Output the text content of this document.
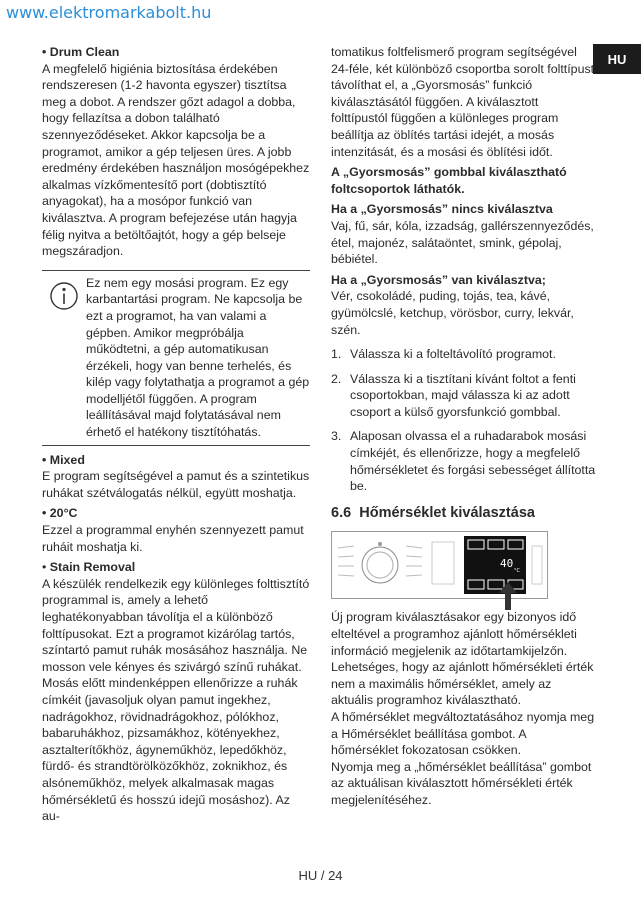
www.elektromarkabolt.hu
HU

• Drum Clean

A megfelelő higiénia biztosítása érdekében rendszeresen (1-2 havonta egyszer) tisztítsa meg a dobot. A rendszer gőzt adagol a dobba, hogy fellazítsa a dobon található szennyeződéseket. Akkor kapcsolja be a programot, amikor a gép teljesen üres. A jobb eredmény érdekében használjon mosógépekhez alkalmas vízkőmentesítő port (dobtisztító anyagokat), ha a mosópor funkció van kiválasztva. A program befejezése után hagyja félig nyitva a betöltőajtót, hogy a gép belseje megszáradjon.

Ez nem egy mosási program. Ez egy karbantartási program. Ne kapcsolja be ezt a programot, ha van valami a gépben. Amikor megpróbálja működtetni, a gép automatikusan érzékeli, hogy van benne terhelés, és kilép vagy folytathatja a programot a gép modelljétől függően. A program leállításával majd folytatásával nem érhető el hatékony tisztítóhatás.

• Mixed

E program segítségével a pamut és a szintetikus ruhákat szétválogatás nélkül, együtt moshatja.

• 20°C

Ezzel a programmal enyhén szennyezett pamut ruháit moshatja ki.

• Stain Removal

A készülék rendelkezik egy különleges folttisztító programmal is, amely a lehető leghatékonyabban távolítja el a különböző folttípusokat. Ezt a programot kizárólag tartós, színtartó pamut ruhák mosásához használja. Ne mosson vele kényes és szivárgó színű ruhákat. Mosás előtt mindenképpen ellenőrizze a ruhák címkéit (javasoljuk olyan pamut ingekhez, nadrágokhoz, rövidnadrágokhoz, pólókhoz, babaruhákhoz, pizsamákhoz, kötényekhez, asztalterítőkhöz, ágyneműkhöz, lepedőkhöz, fürdő- és strandtörölközőkhöz, zoknikhoz, és alsóneműkhöz, melyek alkalmasak magas hőmérsékletű és hosszú idejű mosáshoz). Az au-

tomatikus foltfelismerő program segítségével 24-féle, két különböző csoportba sorolt folttípust távolíthat el, a „Gyorsmosás” funkció kiválasztásától függően. A kiválasztott folttípustól függően a különleges program beállítja az öblítés tartási idejét, a mosás intenzitását, és a mosási és öblítési időt.

A „Gyorsmosás” gombbal kiválasztható foltcsoportok láthatók.

Ha a „Gyorsmosás” nincs kiválasztva

Vaj, fű, sár, kóla, izzadság, gallérszennyeződés, étel, majonéz, salátaöntet, smink, gépolaj, bébiétel.

Ha a „Gyorsmosás” van kiválasztva;

Vér, csokoládé, puding, tojás, tea, kávé, gyümölcslé, ketchup, vörösbor, curry, lekvár, szén.

1. Válassza ki a folteltávolító programot.
2. Válassza ki a tisztítani kívánt foltot a fenti csoportokban, majd válassza ki az adott csoport a külső gyorsfunkció gombbal.
3. Alaposan olvassa el a ruhadarabok mosási címkéjét, és ellenőrizze, hogy a megfelelő hőmérsékletet és forgási sebességet állította be.
6.6 Hőmérséklet kiválasztása
40
°C

Új program kiválasztásakor egy bizonyos idő elteltével a programhoz ajánlott hőmérsékleti információ megjelenik az időtartamkijelzőn. Lehetséges, hogy az ajánlott hőmérsékleti érték nem a maximális hőmérséklet, amely az aktuális programhoz kiválasztható.

A hőmérséklet megváltoztatásához nyomja meg a Hőmérséklet beállítása gombot. A hőmérséklet fokozatosan csökken.

Nyomja meg a „hőmérséklet beállítása” gombot az aktuálisan kiválasztott hőmérsékleti érték megjelenítéséhez.

HU / 24
